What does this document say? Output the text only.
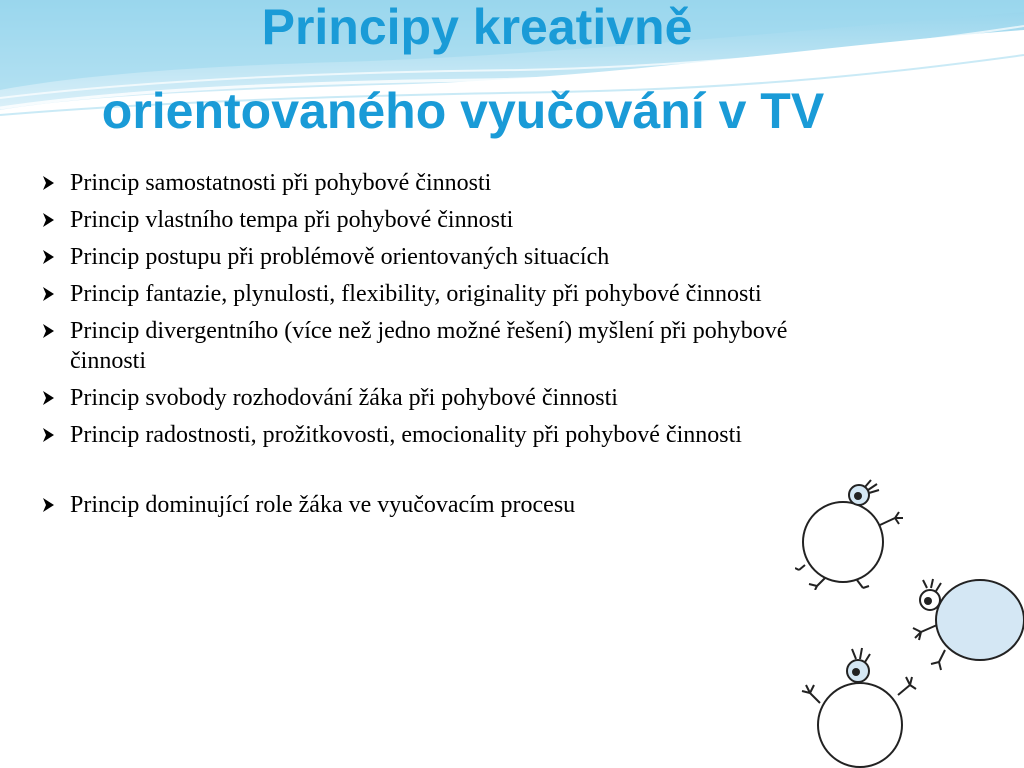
Principy kreativně
orientovaného vyučování v TV
Princip samostatnosti při pohybové činnosti
Princip vlastního tempa při pohybové činnosti
Princip postupu při problémově orientovaných situacích
Princip fantazie, plynulosti, flexibility, originality při pohybové činnosti
Princip divergentního (více než jedno možné řešení) myšlení při pohybové činnosti
Princip svobody rozhodování žáka při pohybové činnosti
Princip radostnosti, prožitkovosti, emocionality při pohybové činnosti
Princip dominující role žáka ve vyučovacím procesu
